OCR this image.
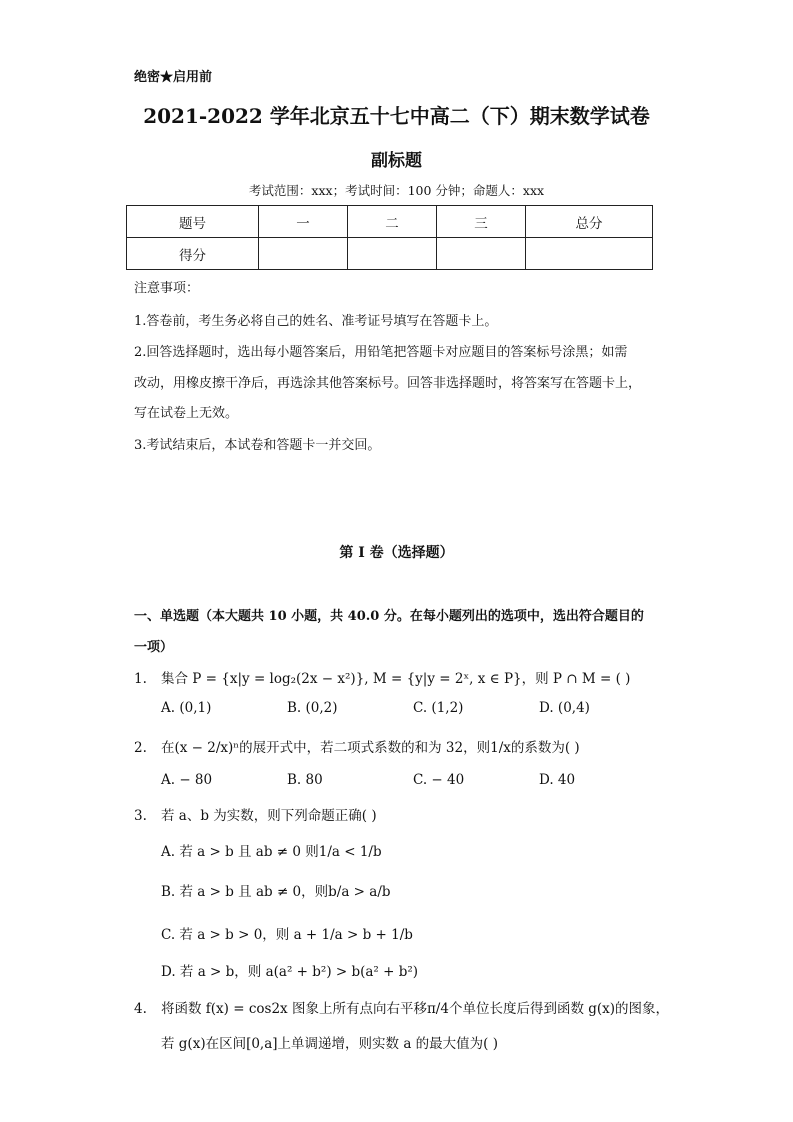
绝密★启用前
2021-2022 学年北京五十七中高二（下）期末数学试卷
副标题
考试范围：xxx；考试时间：100 分钟；命题人：xxx
题号	一	二	三	总分
得分				
注意事项：
1.答卷前，考生务必将自己的姓名、准考证号填写在答题卡上。
2.回答选择题时，选出每小题答案后，用铅笔把答题卡对应题目的答案标号涂黑；如需
改动，用橡皮擦干净后，再选涂其他答案标号。回答非选择题时，将答案写在答题卡上，
写在试卷上无效。
3.考试结束后，本试卷和答题卡一并交回。
第 I 卷（选择题）
一、单选题（本大题共 10 小题，共 40.0 分。在每小题列出的选项中，选出符合题目的
一项）
1. 集合 P = {x|y = log₂(2x − x²)}, M = {y|y = 2ˣ, x ∈ P}，则 P ∩ M = ( )
A. (0,1)	B. (0,2)	C. (1,2)	D. (0,4)
2. 在(x − 2/x)ⁿ的展开式中，若二项式系数的和为 32，则1/x的系数为( )
A. − 80	B. 80	C. − 40	D. 40
3. 若 a、b 为实数，则下列命题正确( )
A. 若 a > b 且 ab ≠ 0 则1/a < 1/b
B. 若 a > b 且 ab ≠ 0，则b/a > a/b
C. 若 a > b > 0，则 a + 1/a > b + 1/b
D. 若 a > b，则 a(a² + b²) > b(a² + b²)
4. 将函数 f(x) = cos2x 图象上所有点向右平移π/4个单位长度后得到函数 g(x)的图象，
若 g(x)在区间[0,a]上单调递增，则实数 a 的最大值为( )
